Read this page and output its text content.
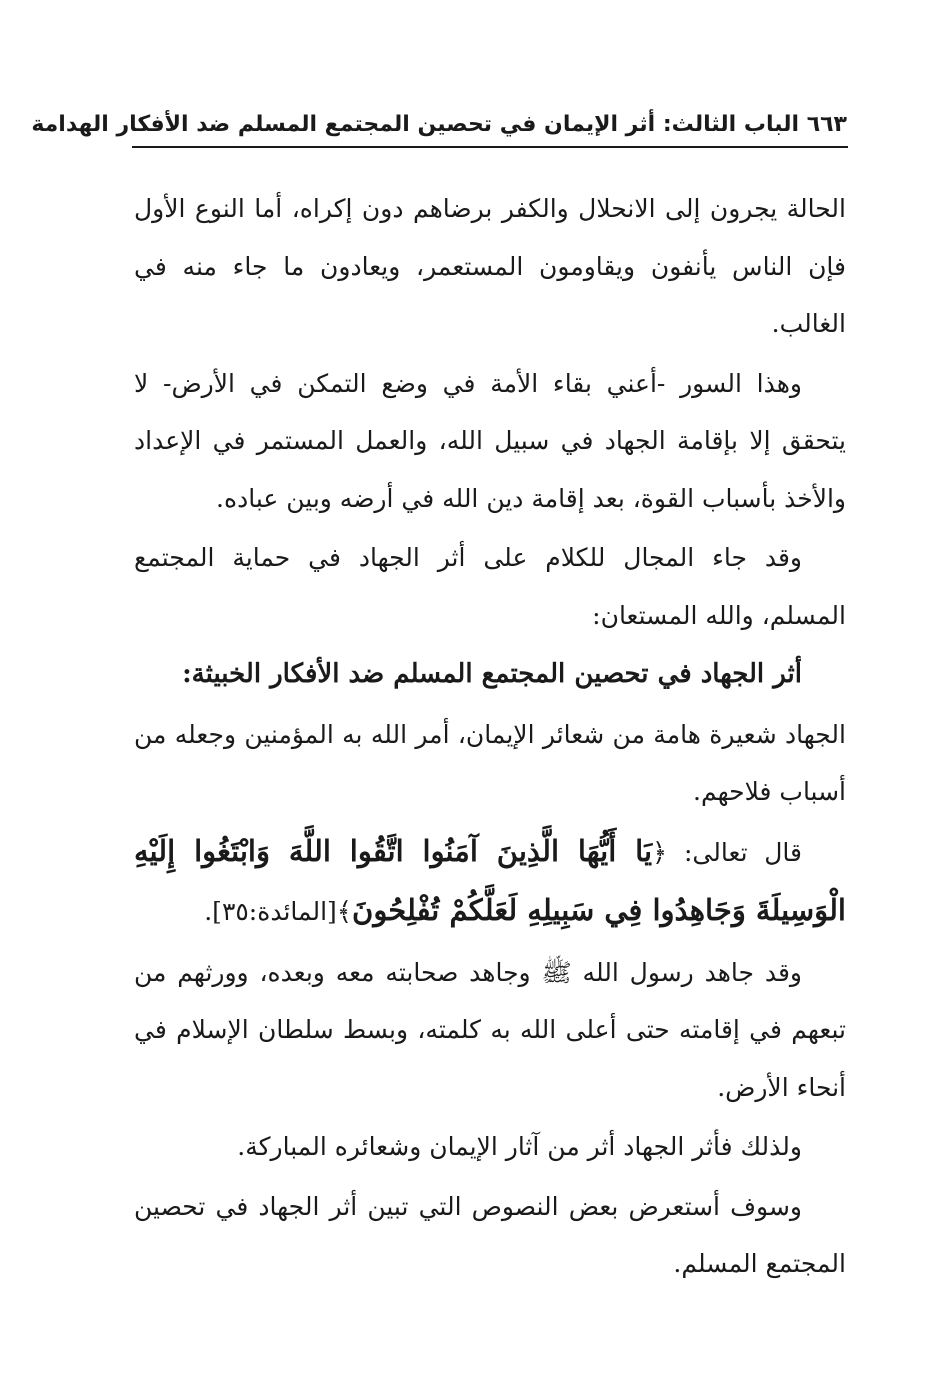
٦٦٣ الباب الثالث: أثر الإيمان في تحصين المجتمع المسلم ضد الأفكار الهدامة

الحالة يجرون إلى الانحلال والكفر برضاهم دون إكراه، أما النوع الأول فإن الناس يأنفون ويقاومون المستعمر، ويعادون ما جاء منه في الغالب.

وهذا السور -أعني بقاء الأمة في وضع التمكن في الأرض- لا يتحقق إلا بإقامة الجهاد في سبيل الله، والعمل المستمر في الإعداد والأخذ بأسباب القوة، بعد إقامة دين الله في أرضه وبين عباده.

وقد جاء المجال للكلام على أثر الجهاد في حماية المجتمع المسلم، والله المستعان:

أثر الجهاد في تحصين المجتمع المسلم ضد الأفكار الخبيثة:

الجهاد شعيرة هامة من شعائر الإيمان، أمر الله به المؤمنين وجعله من أسباب فلاحهم.

قال تعالى: ﴿يَا أَيُّهَا الَّذِينَ آمَنُوا اتَّقُوا اللَّهَ وَابْتَغُوا إِلَيْهِ الْوَسِيلَةَ وَجَاهِدُوا فِي سَبِيلِهِ لَعَلَّكُمْ تُفْلِحُونَ﴾[المائدة:٣٥].

وقد جاهد رسول الله ﷺ وجاهد صحابته معه وبعده، وورثهم من تبعهم في إقامته حتى أعلى الله به كلمته، وبسط سلطان الإسلام في أنحاء الأرض.

ولذلك فأثر الجهاد أثر من آثار الإيمان وشعائره المباركة.

وسوف أستعرض بعض النصوص التي تبين أثر الجهاد في تحصين المجتمع المسلم.
